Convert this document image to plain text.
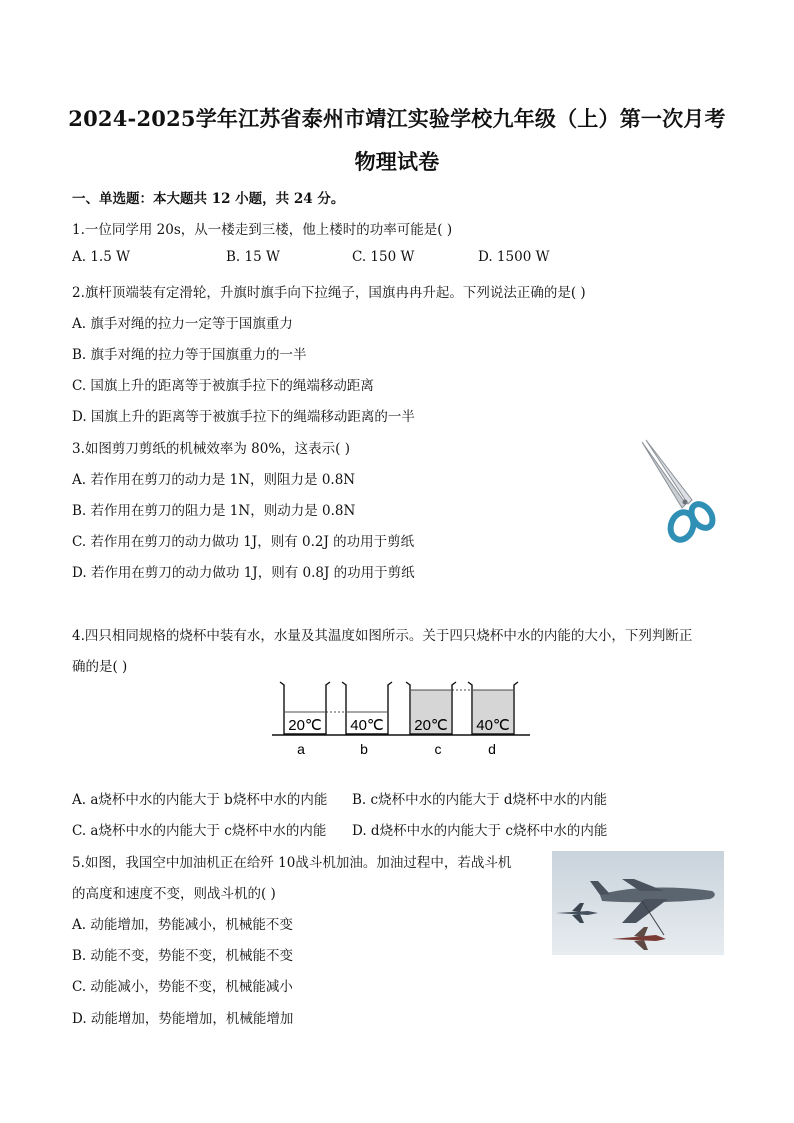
2024-2025学年江苏省泰州市靖江实验学校九年级（上）第一次月考
物理试卷
一、单选题：本大题共 12 小题，共 24 分。
1.一位同学用 20s，从一楼走到三楼，他上楼时的功率可能是( )
A. 1.5 W	B. 15 W	C. 150 W	D. 1500 W
2.旗杆顶端装有定滑轮，升旗时旗手向下拉绳子，国旗冉冉升起。下列说法正确的是( )
A. 旗手对绳的拉力一定等于国旗重力
B. 旗手对绳的拉力等于国旗重力的一半
C. 国旗上升的距离等于被旗手拉下的绳端移动距离
D. 国旗上升的距离等于被旗手拉下的绳端移动距离的一半
3.如图剪刀剪纸的机械效率为 80%，这表示( )
A. 若作用在剪刀的动力是 1N，则阻力是 0.8N
B. 若作用在剪刀的阻力是 1N，则动力是 0.8N
C. 若作用在剪刀的动力做功 1J，则有 0.2J 的功用于剪纸
D. 若作用在剪刀的动力做功 1J，则有 0.8J 的功用于剪纸
4.四只相同规格的烧杯中装有水，水量及其温度如图所示。关于四只烧杯中水的内能的大小，下列判断正
确的是( )
20℃ 40℃ 20℃ 40℃
a	b	c	d
A. a烧杯中水的内能大于 b烧杯中水的内能 B. c烧杯中水的内能大于 d烧杯中水的内能
C. a烧杯中水的内能大于 c烧杯中水的内能 D. d烧杯中水的内能大于 c烧杯中水的内能
5.如图，我国空中加油机正在给歼 10战斗机加油。加油过程中，若战斗机
的高度和速度不变，则战斗机的( )
A. 动能增加，势能减小，机械能不变
B. 动能不变，势能不变，机械能不变
C. 动能减小，势能不变，机械能减小
D. 动能增加，势能增加，机械能增加
